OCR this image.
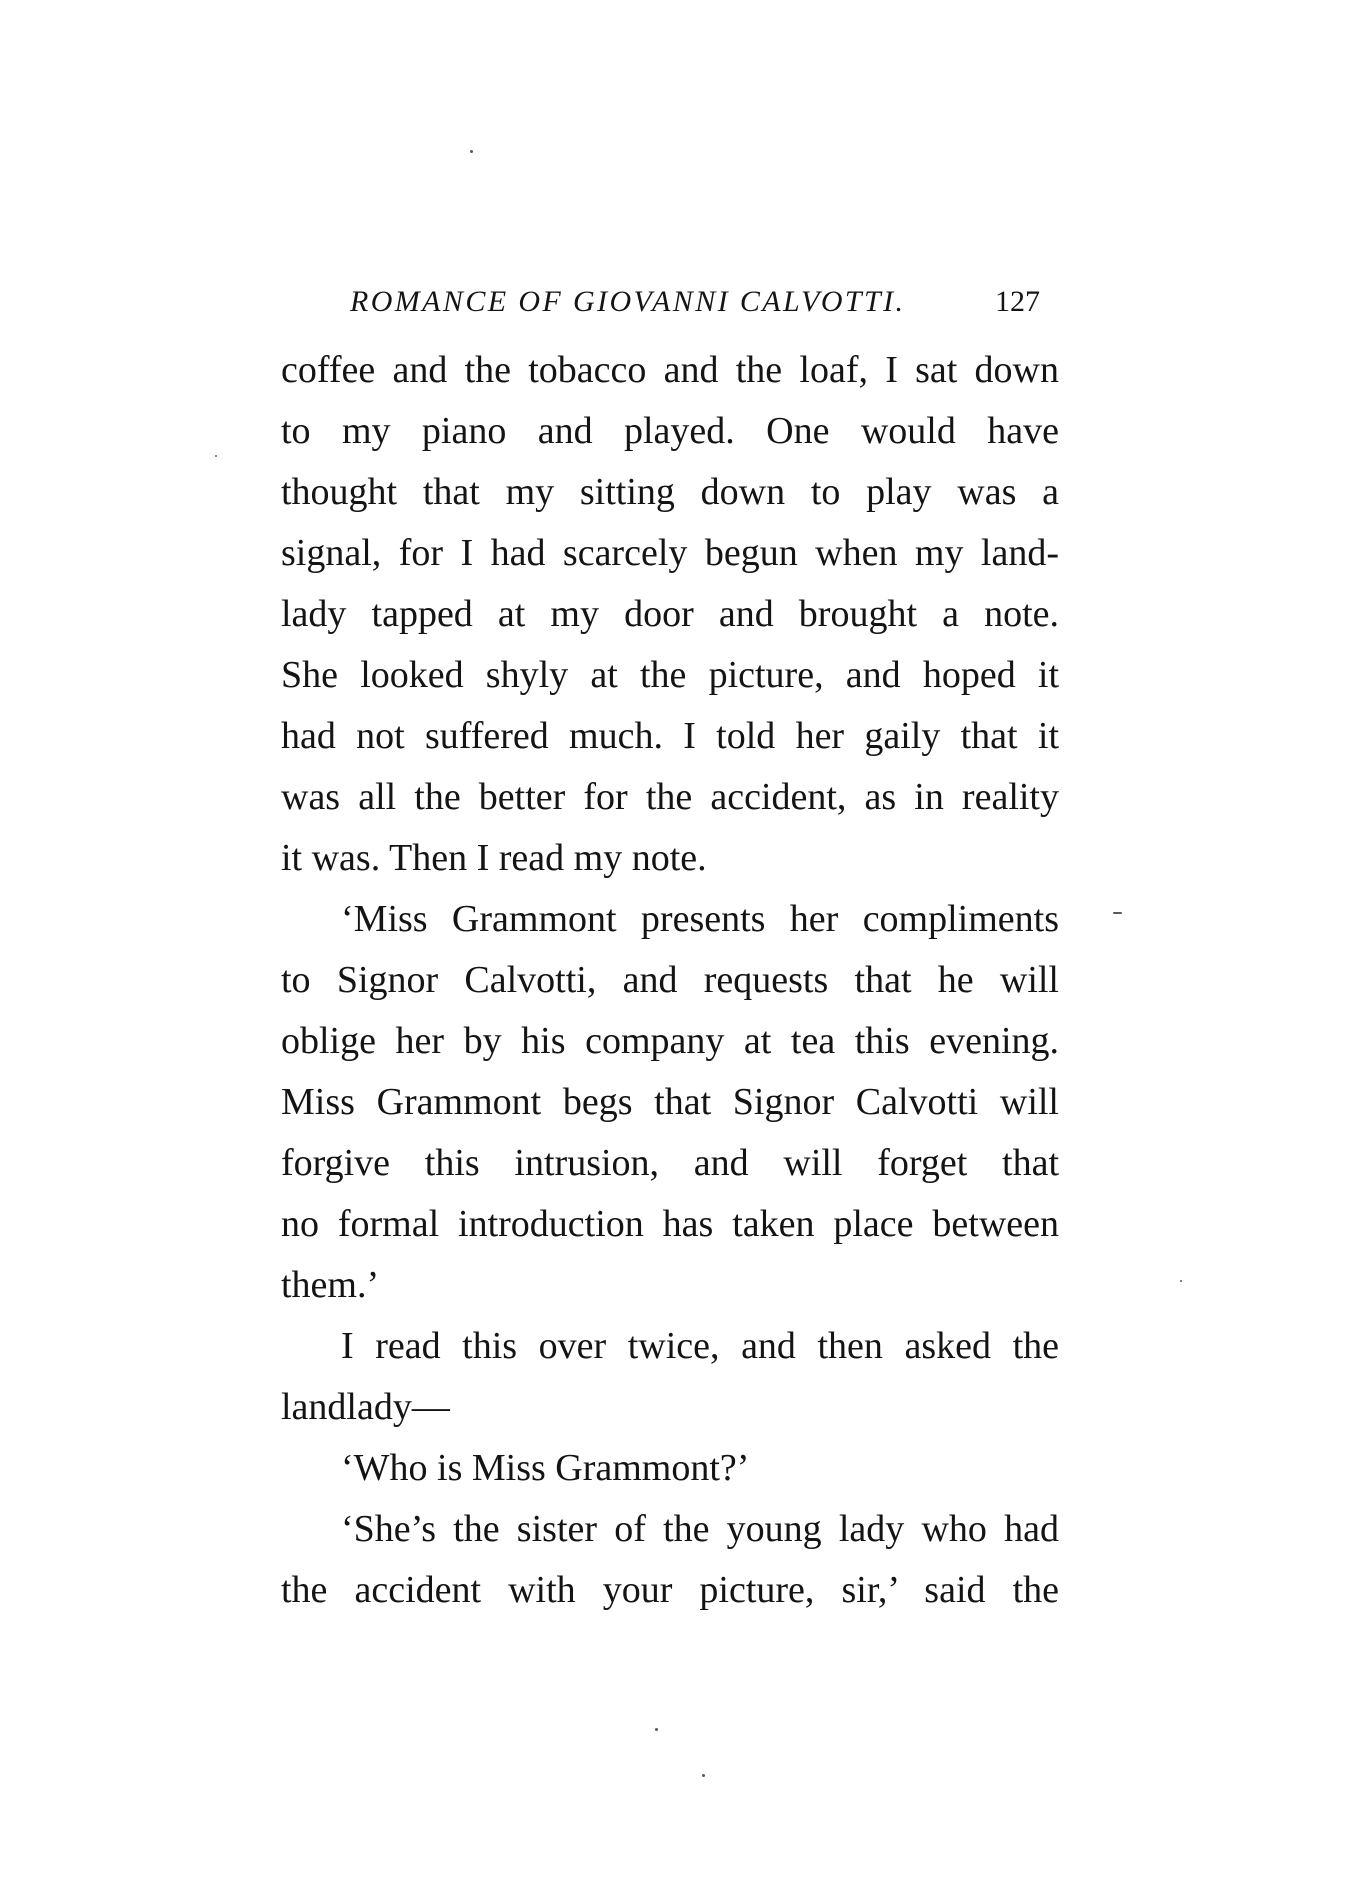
ROMANCE OF GIOVANNI CALVOTTI.	127
coffee and the tobacco and the loaf, I sat down
to my piano and played. One would have
thought that my sitting down to play was a
signal, for I had scarcely begun when my land-
lady tapped at my door and brought a note.
She looked shyly at the picture, and hoped it
had not suffered much. I told her gaily that it
was all the better for the accident, as in reality
it was. Then I read my note.
‘Miss Grammont presents her compliments
to Signor Calvotti, and requests that he will
oblige her by his company at tea this evening.
Miss Grammont begs that Signor Calvotti will
forgive this intrusion, and will forget that
no formal introduction has taken place between
them.’
I read this over twice, and then asked the
landlady—
‘Who is Miss Grammont?’
‘She’s the sister of the young lady who had
the accident with your picture, sir,’ said the
